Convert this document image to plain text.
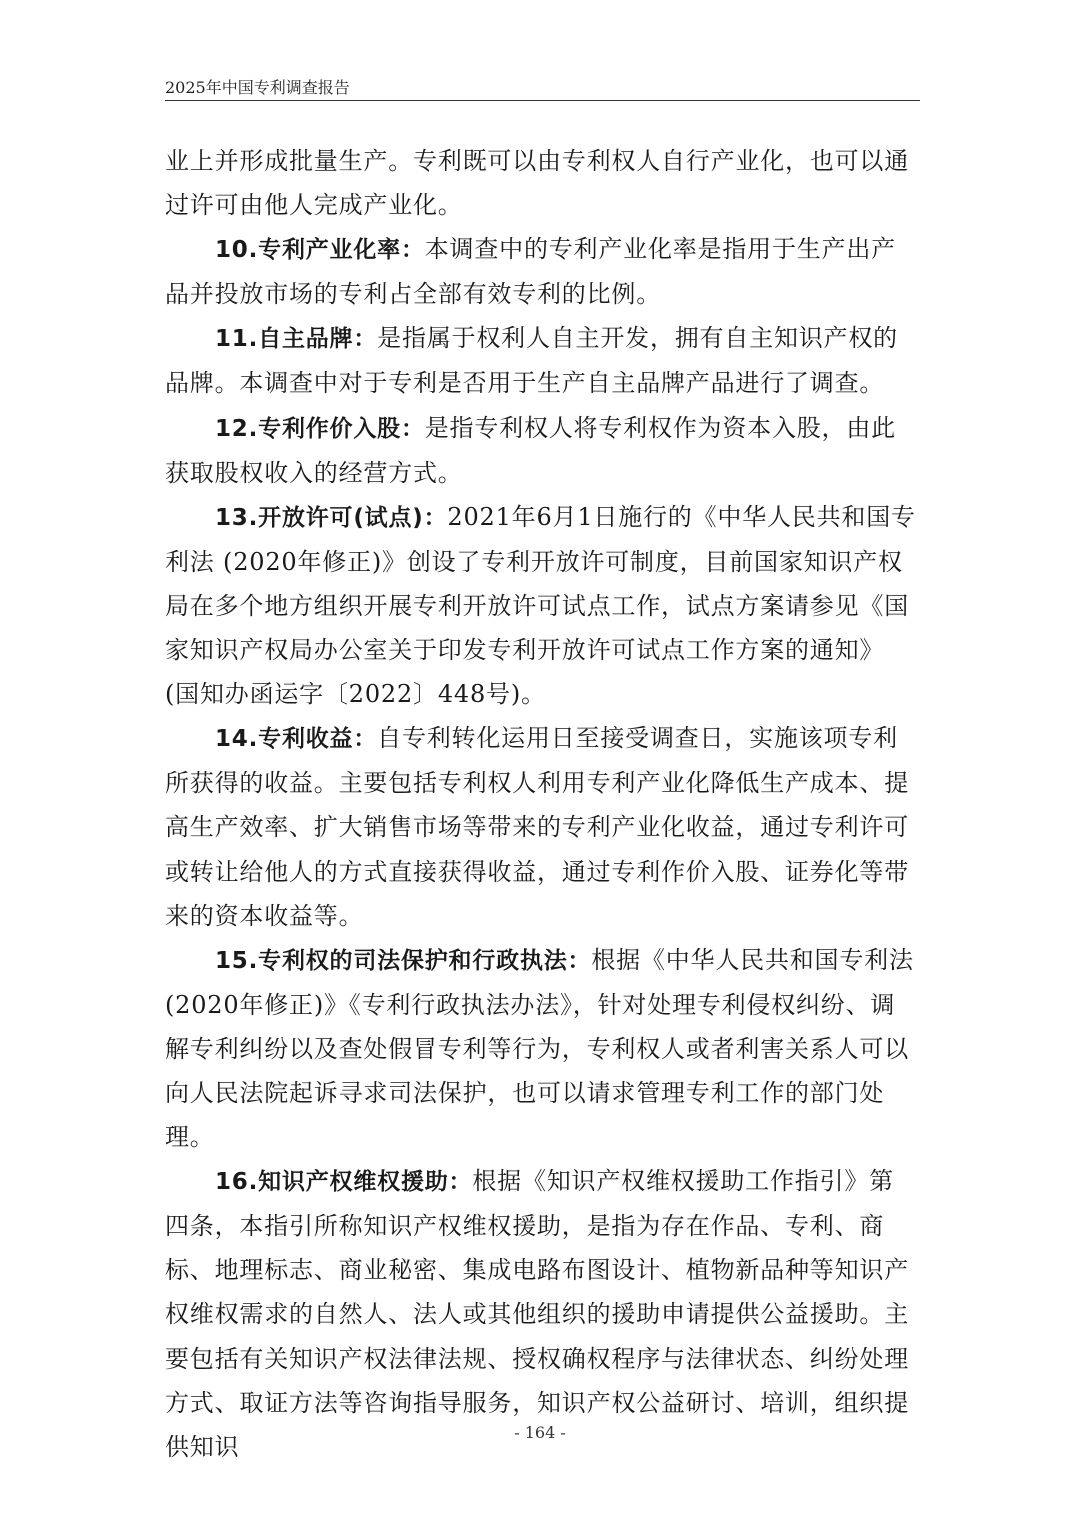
2025年中国专利调查报告

业上并形成批量生产。专利既可以由专利权人自行产业化，也可以通过许可由他人完成产业化。

10.专利产业化率：本调查中的专利产业化率是指用于生产出产品并投放市场的专利占全部有效专利的比例。

11.自主品牌：是指属于权利人自主开发，拥有自主知识产权的品牌。本调查中对于专利是否用于生产自主品牌产品进行了调查。

12.专利作价入股：是指专利权人将专利权作为资本入股，由此获取股权收入的经营方式。

13.开放许可(试点)：2021年6月1日施行的《中华人民共和国专利法 (2020年修正)》创设了专利开放许可制度，目前国家知识产权局在多个地方组织开展专利开放许可试点工作，试点方案请参见《国家知识产权局办公室关于印发专利开放许可试点工作方案的通知》(国知办函运字〔2022〕448号)。

14.专利收益：自专利转化运用日至接受调查日，实施该项专利所获得的收益。主要包括专利权人利用专利产业化降低生产成本、提高生产效率、扩大销售市场等带来的专利产业化收益，通过专利许可或转让给他人的方式直接获得收益，通过专利作价入股、证券化等带来的资本收益等。

15.专利权的司法保护和行政执法：根据《中华人民共和国专利法 (2020年修正)》《专利行政执法办法》，针对处理专利侵权纠纷、调解专利纠纷以及查处假冒专利等行为，专利权人或者利害关系人可以向人民法院起诉寻求司法保护，也可以请求管理专利工作的部门处理。

16.知识产权维权援助：根据《知识产权维权援助工作指引》第四条，本指引所称知识产权维权援助，是指为存在作品、专利、商标、地理标志、商业秘密、集成电路布图设计、植物新品种等知识产权维权需求的自然人、法人或其他组织的援助申请提供公益援助。主要包括有关知识产权法律法规、授权确权程序与法律状态、纠纷处理方式、取证方法等咨询指导服务，知识产权公益研讨、培训，组织提供知识

- 164 -
